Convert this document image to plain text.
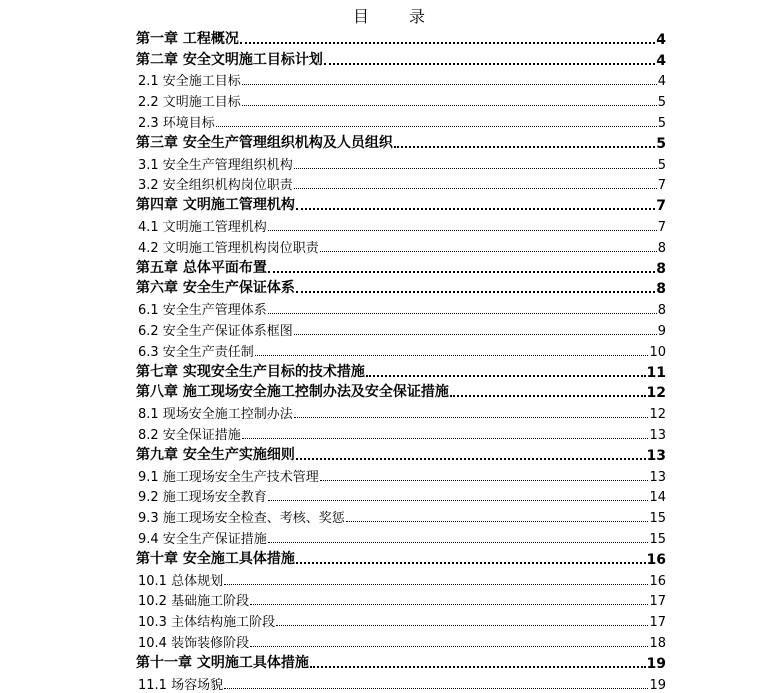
目 录
第一章 工程概况	4
第二章 安全文明施工目标计划	4
2.1 安全施工目标	4
2.2 文明施工目标	5
2.3 环境目标	5
第三章 安全生产管理组织机构及人员组织	5
3.1 安全生产管理组织机构	5
3.2 安全组织机构岗位职责	7
第四章 文明施工管理机构	7
4.1 文明施工管理机构	7
4.2 文明施工管理机构岗位职责	8
第五章 总体平面布置	8
第六章 安全生产保证体系	8
6.1 安全生产管理体系	8
6.2 安全生产保证体系框图	9
6.3 安全生产责任制	10
第七章 实现安全生产目标的技术措施	11
第八章 施工现场安全施工控制办法及安全保证措施	12
8.1 现场安全施工控制办法	12
8.2 安全保证措施	13
第九章 安全生产实施细则	13
9.1 施工现场安全生产技术管理	13
9.2 施工现场安全教育	14
9.3 施工现场安全检查、考核、奖惩	15
9.4 安全生产保证措施	15
第十章 安全施工具体措施	16
10.1 总体规划	16
10.2 基础施工阶段	17
10.3 主体结构施工阶段	17
10.4 装饰装修阶段	18
第十一章 文明施工具体措施	19
11.1 场容场貌	19
